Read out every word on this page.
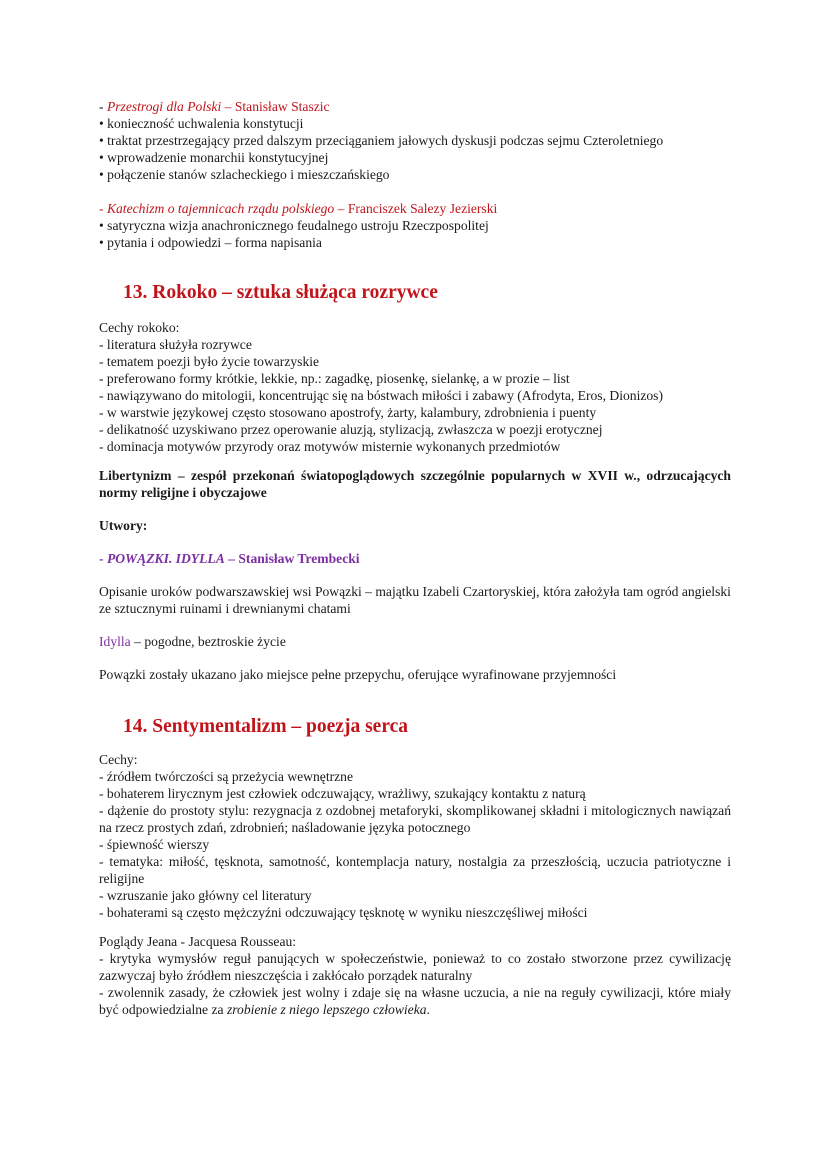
- Przestrogi dla Polski – Stanisław Staszic
• konieczność uchwalenia konstytucji
• traktat przestrzegający przed dalszym przeciąganiem jałowych dyskusji podczas sejmu Czteroletniego
• wprowadzenie monarchii konstytucyjnej
• połączenie stanów szlacheckiego i mieszczańskiego
- Katechizm o tajemnicach rządu polskiego – Franciszek Salezy Jezierski
• satyryczna wizja anachronicznego feudalnego ustroju Rzeczpospolitej
• pytania i odpowiedzi – forma napisania
13. Rokoko – sztuka służąca rozrywce
Cechy rokoko:
- literatura służyła rozrywce
- tematem poezji było życie towarzyskie
- preferowano formy krótkie, lekkie, np.: zagadkę, piosenkę, sielankę, a w prozie – list
- nawiązywano do mitologii, koncentrując się na bóstwach miłości i zabawy (Afrodyta, Eros, Dionizos)
- w warstwie językowej często stosowano apostrofy, żarty, kalambury, zdrobnienia i puenty
- delikatność uzyskiwano przez operowanie aluzją, stylizacją, zwłaszcza w poezji erotycznej
- dominacja motywów przyrody oraz motywów misternie wykonanych przedmiotów
Libertynizm – zespół przekonań światopoglądowych szczególnie popularnych w XVII w., odrzucających normy religijne i obyczajowe
Utwory:
- POWĄZKI. IDYLLA – Stanisław Trembecki
Opisanie uroków podwarszawskiej wsi Powązki – majątku Izabeli Czartoryskiej, która założyła tam ogród angielski ze sztucznymi ruinami i drewnianymi chatami
Idylla – pogodne, beztroskie życie
Powązki zostały ukazano jako miejsce pełne przepychu, oferujące wyrafinowane przyjemności
14. Sentymentalizm – poezja serca
Cechy:
- źródłem twórczości są przeżycia wewnętrzne
- bohaterem lirycznym jest człowiek odczuwający, wrażliwy, szukający kontaktu z naturą
- dążenie do prostoty stylu: rezygnacja z ozdobnej metaforyki, skomplikowanej składni i mitologicznych nawiązań na rzecz prostych zdań, zdrobnień; naśladowanie języka potocznego
- śpiewność wierszy
- tematyka: miłość, tęsknota, samotność, kontemplacja natury, nostalgia za przeszłością, uczucia patriotyczne i religijne
- wzruszanie jako główny cel literatury
- bohaterami są często mężczyźni odczuwający tęsknotę w wyniku nieszczęśliwej miłości
Poglądy Jeana - Jacquesa Rousseau:
- krytyka wymysłów reguł panujących w społeczeństwie, ponieważ to co zostało stworzone przez cywilizację zazwyczaj było źródłem nieszczęścia i zakłócało porządek naturalny
- zwolennik zasady, że człowiek jest wolny i zdaje się na własne uczucia, a nie na reguły cywilizacji, które miały być odpowiedzialne za zrobienie z niego lepszego człowieka.
